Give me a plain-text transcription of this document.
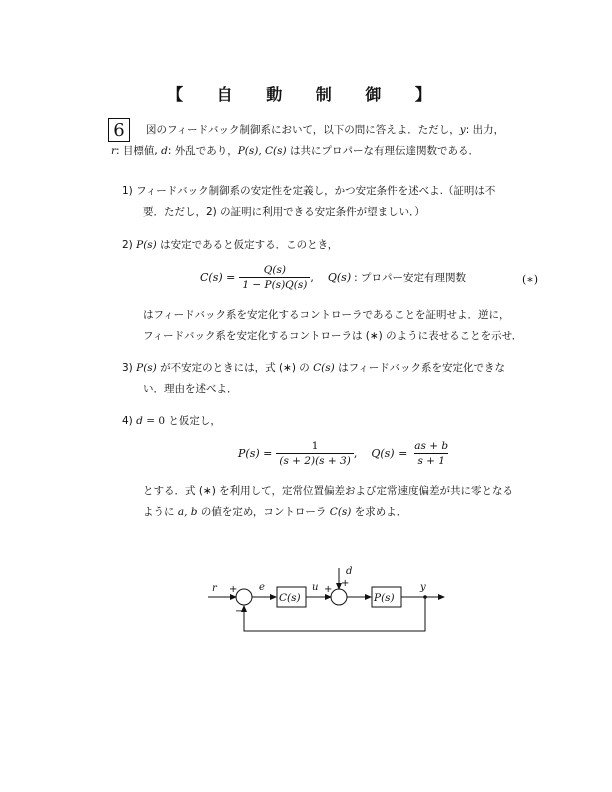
【 自 動 制 御 】
6 図のフィードバック制御系において，以下の問に答えよ．ただし，y: 出力，
r: 目標値, d: 外乱であり，P(s), C(s) は共にプロパーな有理伝達関数である．
1) フィードバック制御系の安定性を定義し，かつ安定条件を述べよ.（証明は不
要．ただし，2) の証明に利用できる安定条件が望ましい．）
2) P(s) は安定であると仮定する．このとき，
$C(s) = \frac{Q(s)}{1 - P(s)Q(s)}$ , Q(s) : プロパー安定有理関数	(∗)
はフィードバック系を安定化するコントローラであることを証明せよ．逆に，
フィードバック系を安定化するコントローラは (∗) のように表せることを示せ．
3) P(s) が不安定のときには，式 (∗) の C(s) はフィードバック系を安定化できな
い．理由を述べよ．
4) d = 0 と仮定し，
$P(s) = \frac{1}{(s + 2)(s + 3)}$ , $Q(s) = \frac{as + b}{s + 1}$
とする．式 (∗) を利用して，定常位置偏差および定常速度偏差が共に零となる
ように a, b の値を定め，コントローラ C(s) を求めよ．
r	e	u
d
y
C(s)	P(s)
+
−
+
+
